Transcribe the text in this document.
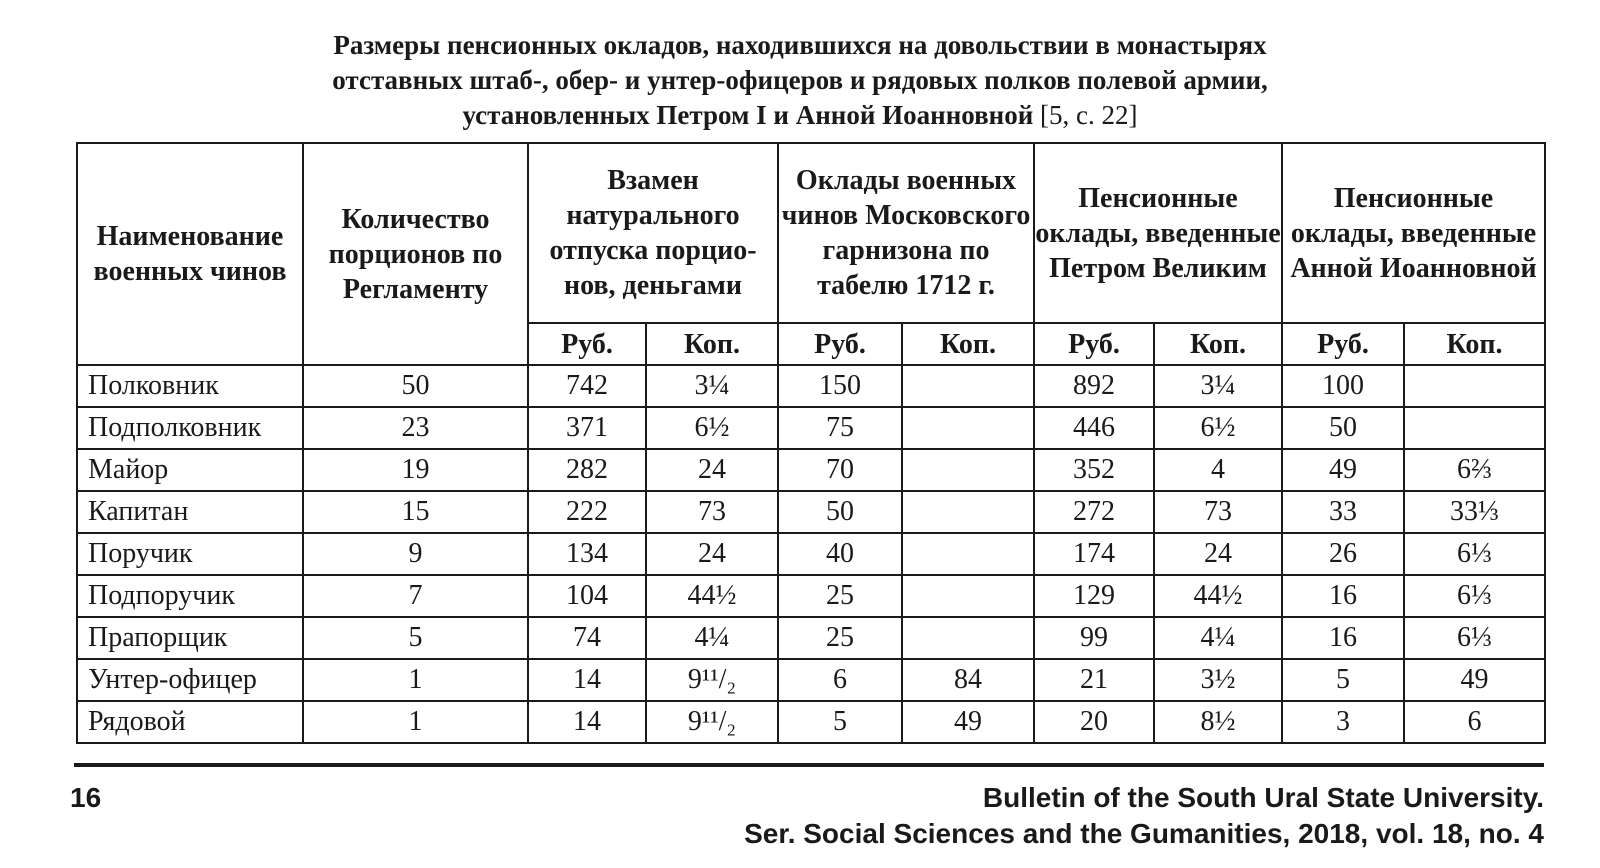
Размеры пенсионных окладов, находившихся на довольствии в монастырях
отставных штаб-, обер- и унтер-офицеров и рядовых полков полевой армии,
установленных Петром I и Анной Иоанновной [5, с. 22]
Наименование военных чинов	Количество порционов по Регламенту	Взамен натурального отпуска порцио-нов, деньгами		Оклады военных чинов Московского гарнизона по табелю 1712 г.		Пенсионные оклады, введенные Петром Великим		Пенсионные оклады, введенные Анной Иоанновной	
		Руб.	Коп.	Руб.	Коп.	Руб.	Коп.	Руб.	Коп.
Полковник	50	742	3¼	150		892	3¼	100	
Подполковник	23	371	6½	75		446	6½	50	
Майор	19	282	24	70		352	4	49	6⅔
Капитан	15	222	73	50		272	73	33	33⅓
Поручик	9	134	24	40		174	24	26	6⅓
Подпоручик	7	104	44½	25		129	44½	16	6⅓
Прапорщик	5	74	4¼	25		99	4¼	16	6⅓
Унтер-офицер	1	14	9¹¹/₂	6	84	21	3½	5	49
Рядовой	1	14	9¹¹/₂	5	49	20	8½	3	6
16	Bulletin of the South Ural State University.
Ser. Social Sciences and the Gumanities, 2018, vol. 18, no. 4
